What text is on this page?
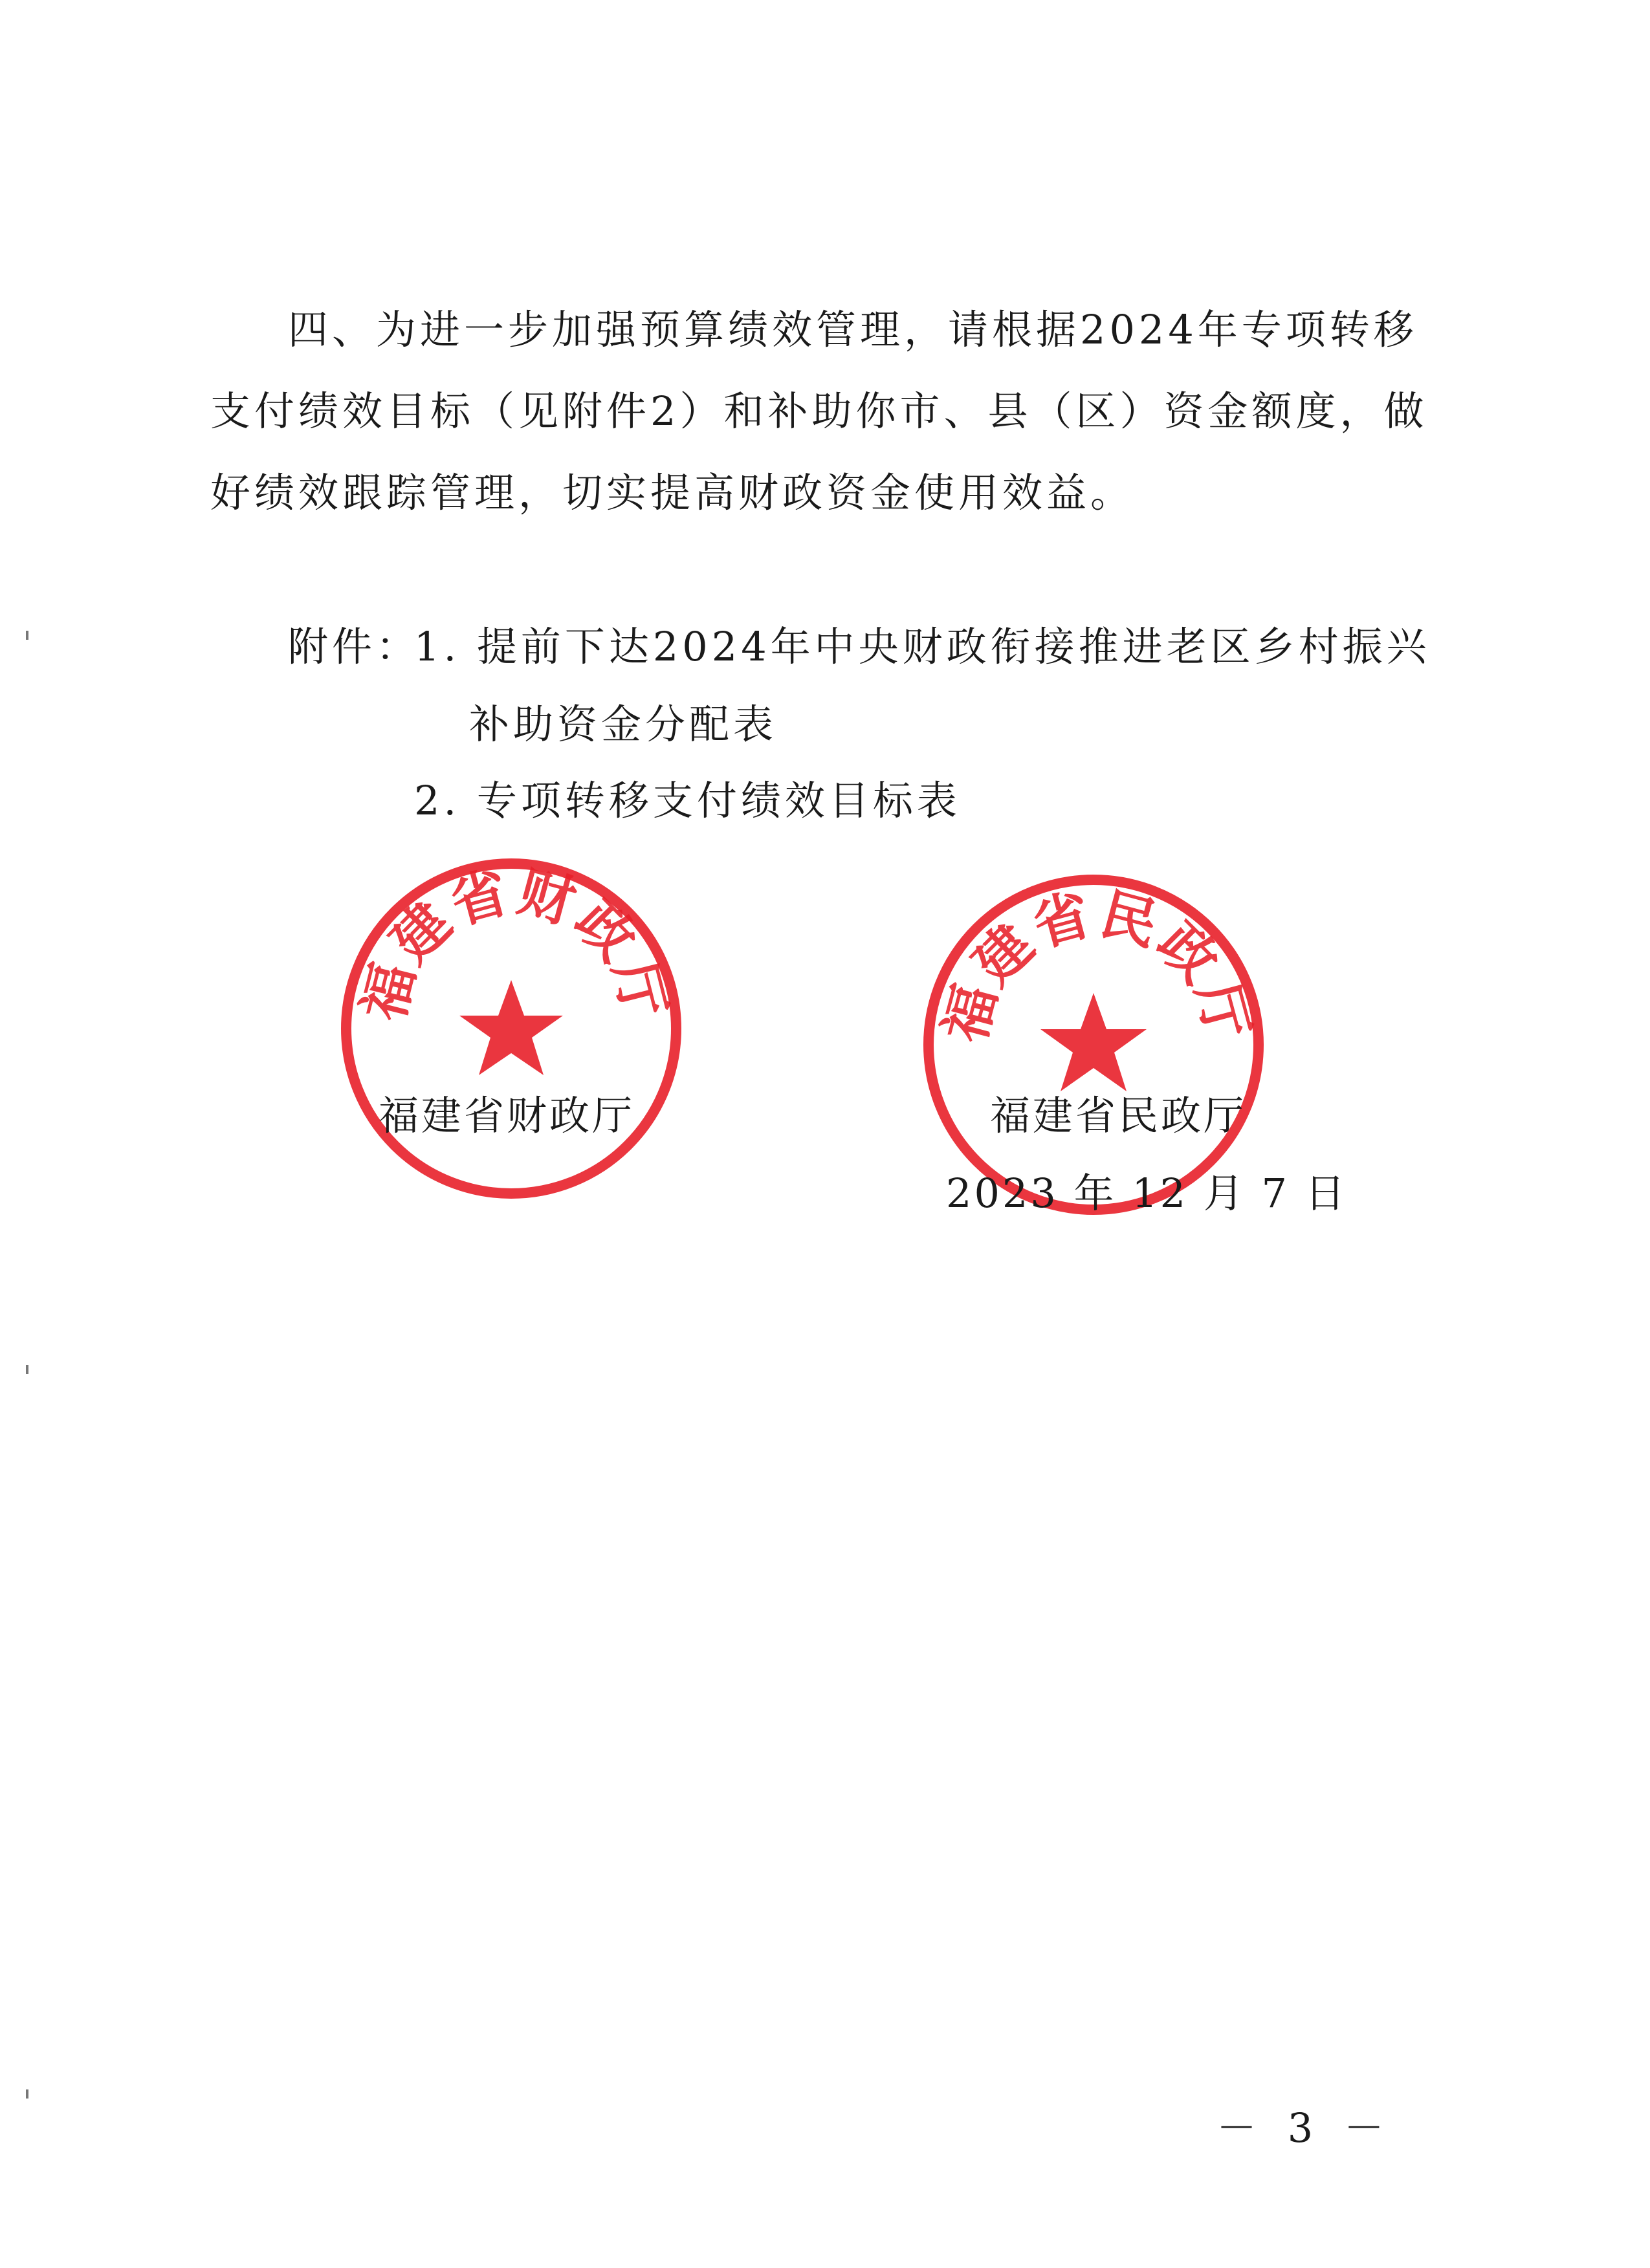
四、为进一步加强预算绩效管理，请根据2024年专项转移
支付绩效目标（见附件2）和补助你市、县（区）资金额度，做
好绩效跟踪管理，切实提高财政资金使用效益。
附件：
1. 提前下达2024年中央财政衔接推进老区乡村振兴
补助资金分配表
2. 专项转移支付绩效目标表
福建省财政厅	福建省民政厅
福建省财政厅	福建省民政厅
2023 年 12 月 7 日
－ 3 －
